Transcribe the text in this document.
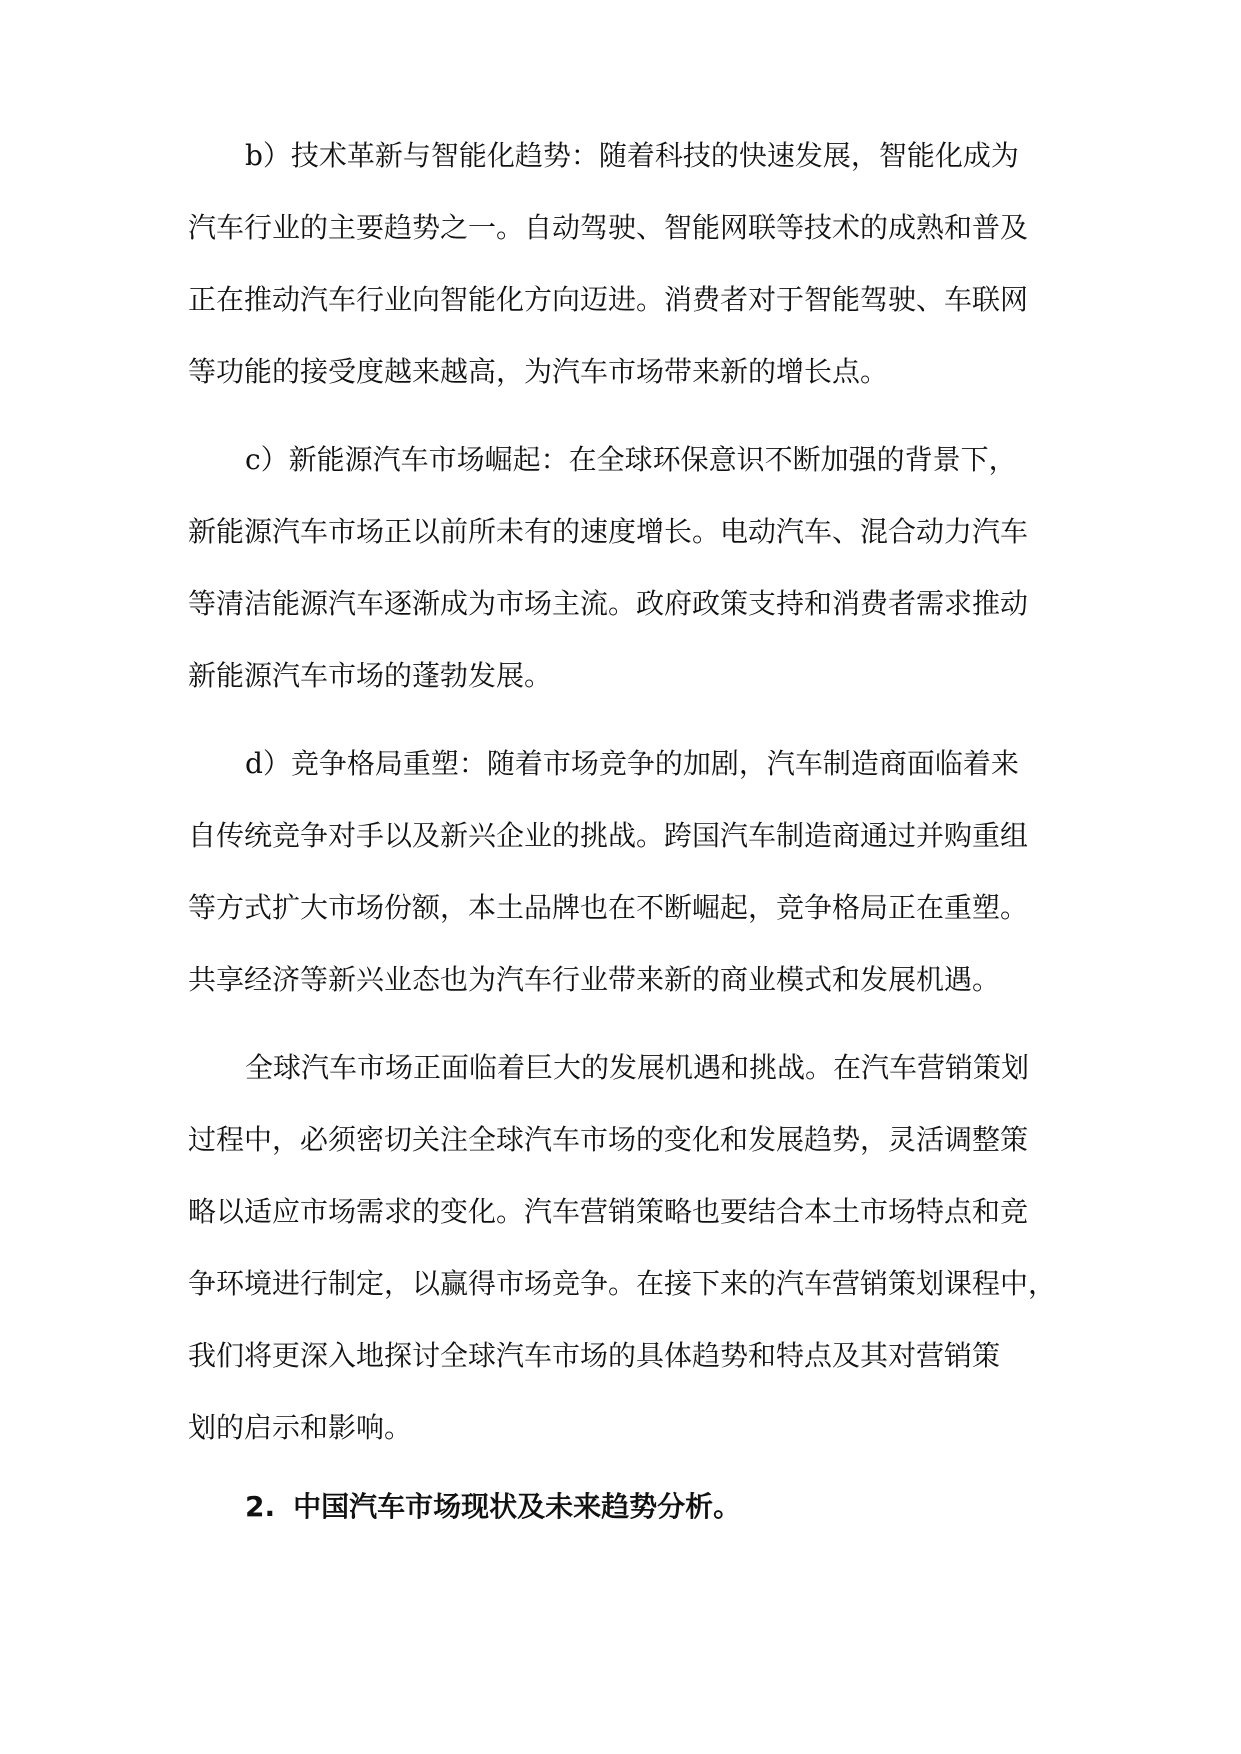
b）技术革新与智能化趋势：随着科技的快速发展，智能化成为
汽车行业的主要趋势之一。自动驾驶、智能网联等技术的成熟和普及
正在推动汽车行业向智能化方向迈进。消费者对于智能驾驶、车联网
等功能的接受度越来越高，为汽车市场带来新的增长点。
c）新能源汽车市场崛起：在全球环保意识不断加强的背景下，
新能源汽车市场正以前所未有的速度增长。电动汽车、混合动力汽车
等清洁能源汽车逐渐成为市场主流。政府政策支持和消费者需求推动
新能源汽车市场的蓬勃发展。
d）竞争格局重塑：随着市场竞争的加剧，汽车制造商面临着来
自传统竞争对手以及新兴企业的挑战。跨国汽车制造商通过并购重组
等方式扩大市场份额，本土品牌也在不断崛起，竞争格局正在重塑。
共享经济等新兴业态也为汽车行业带来新的商业模式和发展机遇。
全球汽车市场正面临着巨大的发展机遇和挑战。在汽车营销策划
过程中，必须密切关注全球汽车市场的变化和发展趋势，灵活调整策
略以适应市场需求的变化。汽车营销策略也要结合本土市场特点和竞
争环境进行制定，以赢得市场竞争。在接下来的汽车营销策划课程中，
我们将更深入地探讨全球汽车市场的具体趋势和特点及其对营销策
划的启示和影响。
2. 中国汽车市场现状及未来趋势分析。
